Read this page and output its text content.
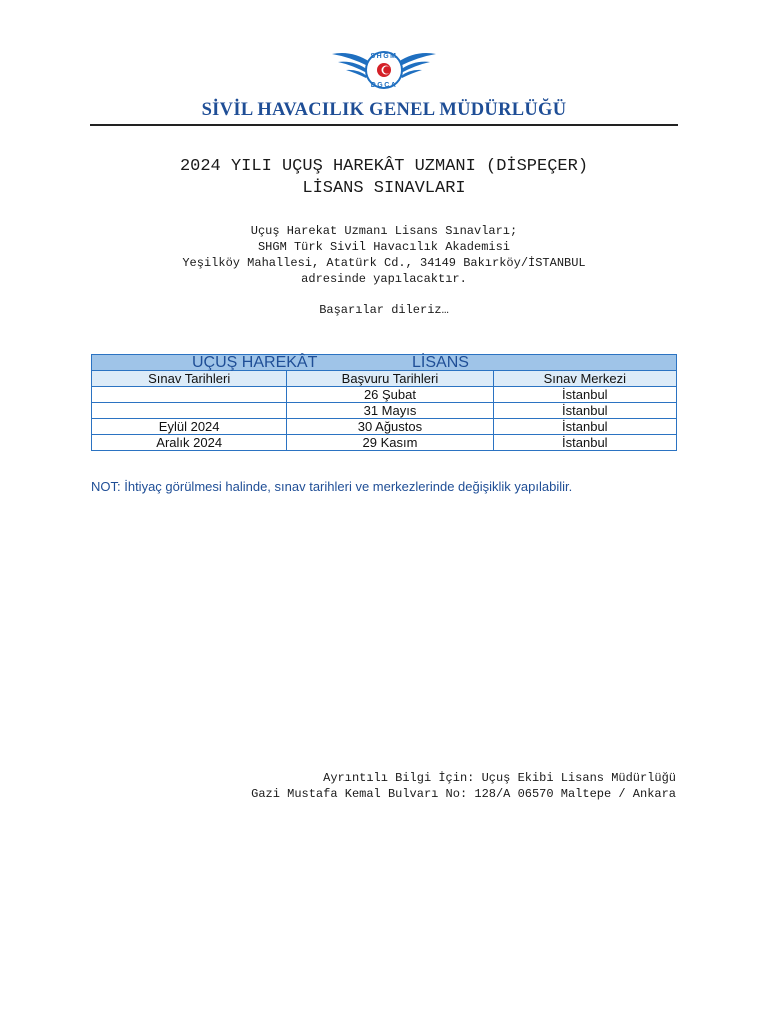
SHGM
DGCA
SİVİL HAVACILIK GENEL MÜDÜRLÜĞÜ
2024 YILI UÇUŞ HAREKÂT UZMANI (DİSPEÇER)
LİSANS SINAVLARI
Uçuş Harekat Uzmanı Lisans Sınavları;
SHGM Türk Sivil Havacılık Akademisi
Yeşilköy Mahallesi, Atatürk Cd., 34149 Bakırköy/İSTANBUL
adresinde yapılacaktır.
Başarılar dileriz…
UÇUŞ HAREKÂT LİSANS		
Sınav Tarihleri	Başvuru Tarihleri	Sınav Merkezi
	26 Şubat	İstanbul
	31 Mayıs	İstanbul
Eylül 2024	30 Ağustos	İstanbul
Aralık 2024	29 Kasım	İstanbul
NOT: İhtiyaç görülmesi halinde, sınav tarihleri ve merkezlerinde değişiklik yapılabilir.
Ayrıntılı Bilgi İçin: Uçuş Ekibi Lisans Müdürlüğü
Gazi Mustafa Kemal Bulvarı No: 128/A 06570 Maltepe / Ankara
